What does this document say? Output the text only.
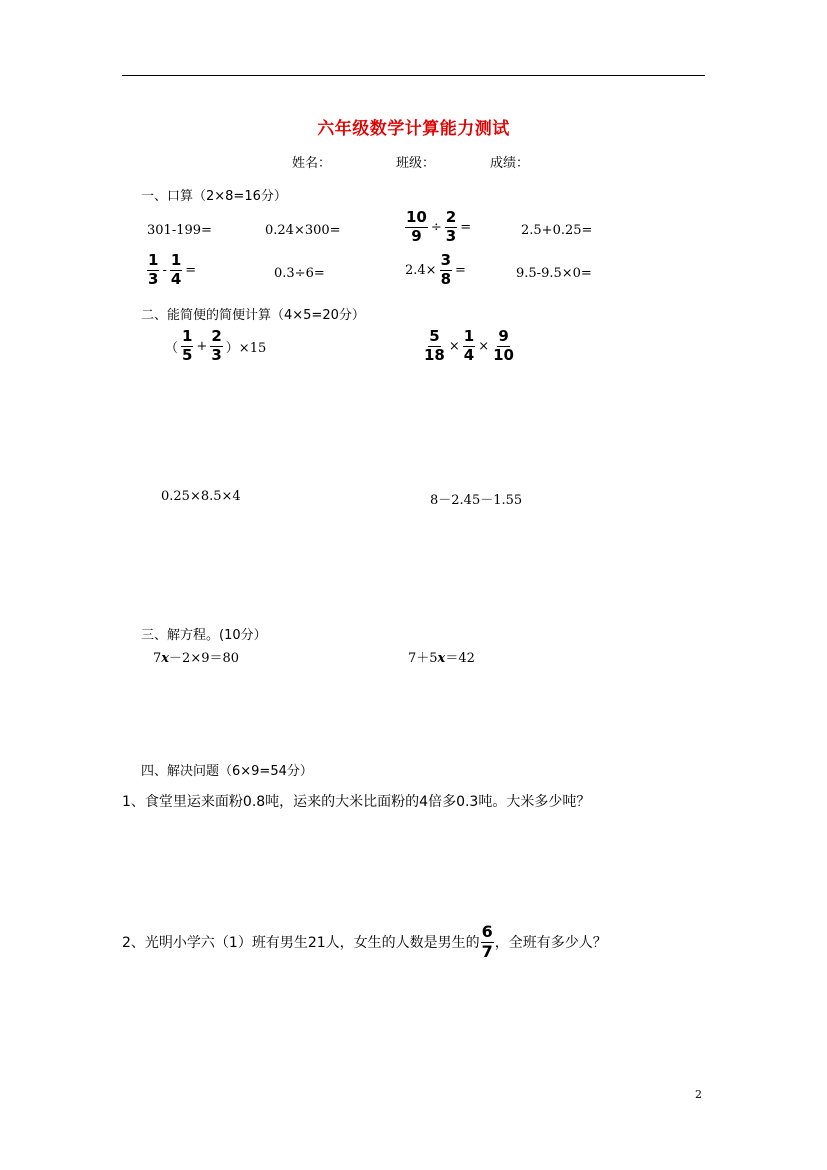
六年级数学计算能力测试
姓名：	班级：	成绩：
一、口算（2×8=16分）
301-199=	0.24×300=	$\frac{10}{9} \div \frac{2}{3}$ =	2.5+0.25=
$\frac{1}{3} - \frac{1}{4}$ =	0.3÷6=	$2.4\times \frac{3}{8}$ =	9.5-9.5×0=
二、能简便的简便计算（4×5=20分）
（ $\frac{1}{5} + \frac{2}{3} )\times 15$	$\frac{5}{18} \times \frac{1}{4} \times \frac{9}{10}$
0.25×8.5×4	8－2.45－1.55
三、解方程。(10分）
7x－2×9＝80	7＋5x＝42
四、解决问题（6×9=54分）
1、食堂里运来面粉0.8吨，运来的大米比面粉的4倍多0.3吨。大米多少吨？
2、光明小学六（1）班有男生21人，女生的人数是男生的 $\frac{6}{7}$ ，全班有多少人？
2
